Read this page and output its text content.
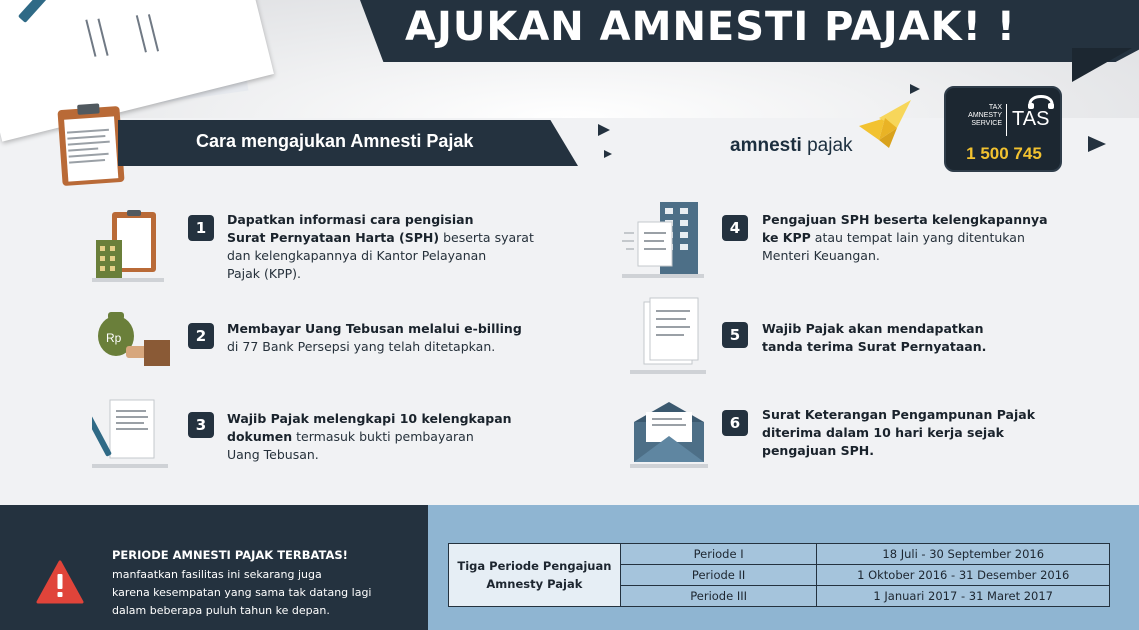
AJUKAN AMNESTI PAJAK! !
Cara mengajukan Amnesti Pajak	amnesti pajak
TAX
AMNESTY
SERVICE TAS
1 500 745
Rp
1
2
3
4
5
6
Dapatkan informasi cara pengisian
Surat Pernyataan Harta (SPH) beserta syarat
dan kelengkapannya di Kantor Pelayanan
Pajak (KPP).
Membayar Uang Tebusan melalui e-billing
di 77 Bank Persepsi yang telah ditetapkan.
Wajib Pajak melengkapi 10 kelengkapan
dokumen termasuk bukti pembayaran
Uang Tebusan.
Pengajuan SPH beserta kelengkapannya
ke KPP atau tempat lain yang ditentukan
Menteri Keuangan.
Wajib Pajak akan mendapatkan
tanda terima Surat Pernyataan.
Surat Keterangan Pengampunan Pajak
diterima dalam 10 hari kerja sejak
pengajuan SPH.
PERIODE AMNESTI PAJAK TERBATAS!
manfaatkan fasilitas ini sekarang juga
karena kesempatan yang sama tak datang lagi
dalam beberapa puluh tahun ke depan.
Tiga Periode Pengajuan
Amnesty Pajak	Periode I	18 Juli - 30 September 2016
	Periode II	1 Oktober 2016 - 31 Desember 2016
	Periode III	1 Januari 2017 - 31 Maret 2017
